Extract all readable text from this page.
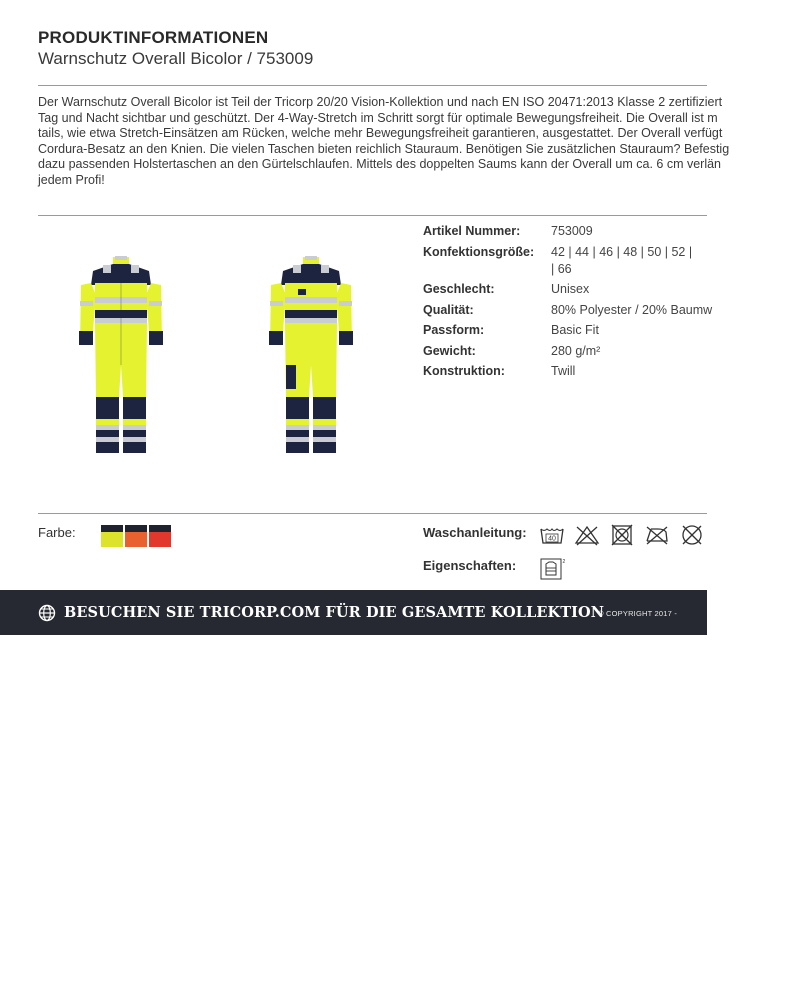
PRODUKTINFORMATIONEN
Warnschutz Overall Bicolor / 753009
Der Warnschutz Overall Bicolor ist Teil der Tricorp 20/20 Vision-Kollektion und nach EN ISO 20471:2013 Klasse 2 zertifiziert
Tag und Nacht sichtbar und geschützt. Der 4-Way-Stretch im Schritt sorgt für optimale Bewegungsfreiheit. Die Overall ist m
tails, wie etwa Stretch-Einsätzen am Rücken, welche mehr Bewegungsfreiheit garantieren, ausgestattet. Der Overall verfügt
Cordura-Besatz an den Knien. Die vielen Taschen bieten reichlich Stauraum. Benötigen Sie zusätzlichen Stauraum? Befestig
dazu passenden Holstertaschen an den Gürtelschlaufen. Mittels des doppelten Saums kann der Overall um ca. 6 cm verlän
jedem Profi!
Artikel Nummer:	753009
Konfektionsgröße:	42 | 44 | 46 | 48 | 50 | 52 |
| 66
Geschlecht:	Unisex
Qualität:	80% Polyester / 20% Baumw
Passform:	Basic Fit
Gewicht:	280 g/m²
Konstruktion:	Twill
Farbe:	Waschanleitung:	40
Eigenschaften:	2
BESUCHEN SIE TRICORP.COM FÜR DIE GESAMTE KOLLEKTION
© COPYRIGHT 2017 -
